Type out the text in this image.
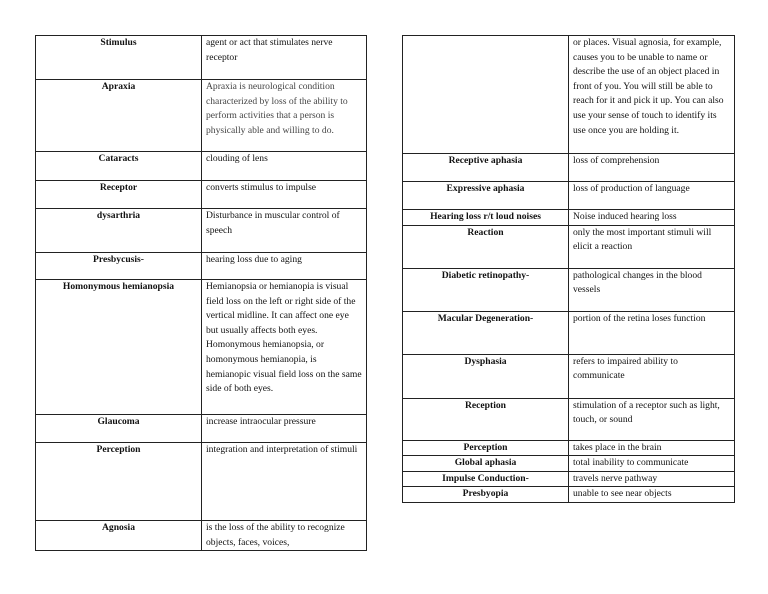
Stimulus	agent or act that stimulates nerve receptor
Apraxia	Apraxia is neurological condition characterized by loss of the ability to perform activities that a person is physically able and willing to do.
Cataracts	clouding of lens
Receptor	converts stimulus to impulse
dysarthria	Disturbance in muscular control of speech
Presbycusis-	hearing loss due to aging
Homonymous hemianopsia	Hemianopsia or hemianopia is visual field loss on the left or right side of the vertical midline. It can affect one eye but usually affects both eyes. Homonymous hemianopsia, or homonymous hemianopia, is hemianopic visual field loss on the same side of both eyes.
Glaucoma	increase intraocular pressure
Perception	integration and interpretation of stimuli
Agnosia	is the loss of the ability to recognize objects, faces, voices,
	or places. Visual agnosia, for example, causes you to be unable to name or describe the use of an object placed in front of you. You will still be able to reach for it and pick it up. You can also use your sense of touch to identify its use once you are holding it.
Receptive aphasia	loss of comprehension
Expressive aphasia	loss of production of language
Hearing loss r/t loud noises	Noise induced hearing loss
Reaction	only the most important stimuli will elicit a reaction
Diabetic retinopathy-	pathological changes in the blood vessels
Macular Degeneration-	portion of the retina loses function
Dysphasia	refers to impaired ability to communicate
Reception	stimulation of a receptor such as light, touch, or sound
Perception	takes place in the brain
Global aphasia	total inability to communicate
Impulse Conduction-	travels nerve pathway
Presbyopia	unable to see near objects
